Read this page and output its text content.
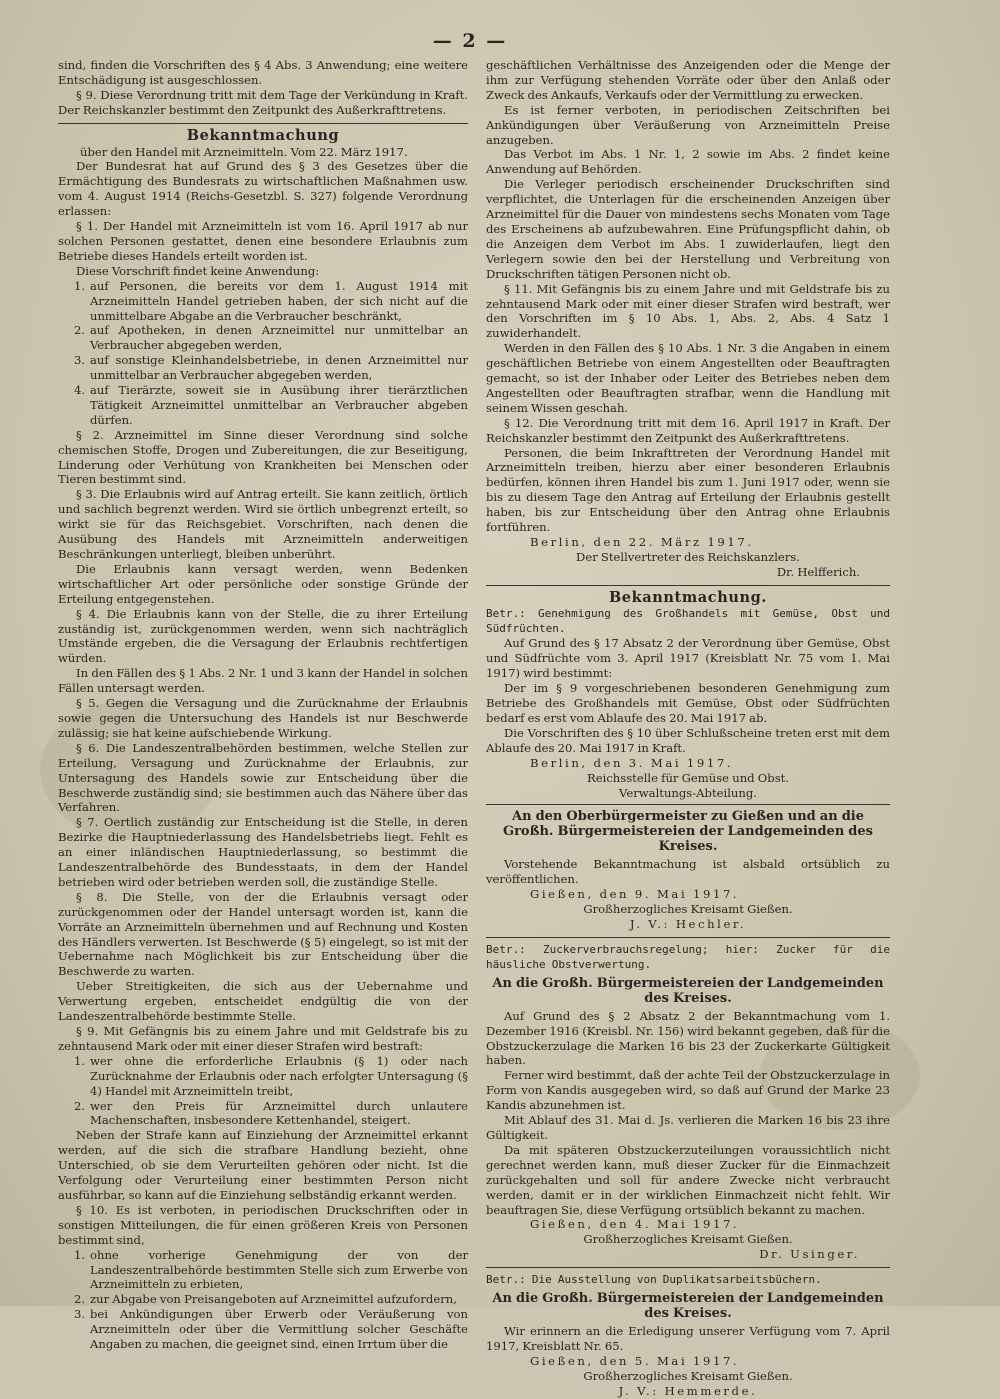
— 2 —

sind, finden die Vorschriften des § 4 Abs. 3 Anwendung; eine weitere Entschädigung ist ausgeschlossen.

§ 9. Diese Verordnung tritt mit dem Tage der Verkündung in Kraft. Der Reichskanzler bestimmt den Zeitpunkt des Außerkrafttretens.

Bekanntmachung

über den Handel mit Arzneimitteln. Vom 22. März 1917.

Der Bundesrat hat auf Grund des § 3 des Gesetzes über die Ermächtigung des Bundesrats zu wirtschaftlichen Maßnahmen usw. vom 4. August 1914 (Reichs-Gesetzbl. S. 327) folgende Verordnung erlassen:

§ 1. Der Handel mit Arzneimitteln ist vom 16. April 1917 ab nur solchen Personen gestattet, denen eine besondere Erlaubnis zum Betriebe dieses Handels erteilt worden ist.

Diese Vorschrift findet keine Anwendung:

1. auf Personen, die bereits vor dem 1. August 1914 mit Arzneimitteln Handel getrieben haben, der sich nicht auf die unmittelbare Abgabe an die Verbraucher beschränkt,
2. auf Apotheken, in denen Arzneimittel nur unmittelbar an Verbraucher abgegeben werden,
3. auf sonstige Kleinhandelsbetriebe, in denen Arzneimittel nur unmittelbar an Verbraucher abgegeben werden,
4. auf Tierärzte, soweit sie in Ausübung ihrer tierärztlichen Tätigkeit Arzneimittel unmittelbar an Verbraucher abgeben dürfen.

§ 2. Arzneimittel im Sinne dieser Verordnung sind solche chemischen Stoffe, Drogen und Zubereitungen, die zur Beseitigung, Linderung oder Verhütung von Krankheiten bei Menschen oder Tieren bestimmt sind.

§ 3. Die Erlaubnis wird auf Antrag erteilt. Sie kann zeitlich, örtlich und sachlich begrenzt werden. Wird sie örtlich unbegrenzt erteilt, so wirkt sie für das Reichsgebiet. Vorschriften, nach denen die Ausübung des Handels mit Arzneimitteln anderweitigen Beschränkungen unterliegt, bleiben unberührt.

Die Erlaubnis kann versagt werden, wenn Bedenken wirtschaftlicher Art oder persönliche oder sonstige Gründe der Erteilung entgegenstehen.

§ 4. Die Erlaubnis kann von der Stelle, die zu ihrer Erteilung zuständig ist, zurückgenommen werden, wenn sich nachträglich Umstände ergeben, die die Versagung der Erlaubnis rechtfertigen würden.

In den Fällen des § 1 Abs. 2 Nr. 1 und 3 kann der Handel in solchen Fällen untersagt werden.

§ 5. Gegen die Versagung und die Zurücknahme der Erlaubnis sowie gegen die Untersuchung des Handels ist nur Beschwerde zulässig; sie hat keine aufschiebende Wirkung.

§ 6. Die Landeszentralbehörden bestimmen, welche Stellen zur Erteilung, Versagung und Zurücknahme der Erlaubnis, zur Untersagung des Handels sowie zur Entscheidung über die Beschwerde zuständig sind; sie bestimmen auch das Nähere über das Verfahren.

§ 7. Oertlich zuständig zur Entscheidung ist die Stelle, in deren Bezirke die Hauptniederlassung des Handelsbetriebs liegt. Fehlt es an einer inländischen Hauptniederlassung, so bestimmt die Landeszentralbehörde des Bundesstaats, in dem der Handel betrieben wird oder betrieben werden soll, die zuständige Stelle.

§ 8. Die Stelle, von der die Erlaubnis versagt oder zurückgenommen oder der Handel untersagt worden ist, kann die Vorräte an Arzneimitteln übernehmen und auf Rechnung und Kosten des Händlers verwerten. Ist Beschwerde (§ 5) eingelegt, so ist mit der Uebernahme nach Möglichkeit bis zur Entscheidung über die Beschwerde zu warten.

Ueber Streitigkeiten, die sich aus der Uebernahme und Verwertung ergeben, entscheidet endgültig die von der Landeszentralbehörde bestimmte Stelle.

§ 9. Mit Gefängnis bis zu einem Jahre und mit Geldstrafe bis zu zehntausend Mark oder mit einer dieser Strafen wird bestraft:

1. wer ohne die erforderliche Erlaubnis (§ 1) oder nach Zurücknahme der Erlaubnis oder nach erfolgter Untersagung (§ 4) Handel mit Arzneimitteln treibt,
2. wer den Preis für Arzneimittel durch unlautere Machenschaften, insbesondere Kettenhandel, steigert.

Neben der Strafe kann auf Einziehung der Arzneimittel erkannt werden, auf die sich die strafbare Handlung bezieht, ohne Unterschied, ob sie dem Verurteilten gehören oder nicht. Ist die Verfolgung oder Verurteilung einer bestimmten Person nicht ausführbar, so kann auf die Einziehung selbständig erkannt werden.

§ 10. Es ist verboten, in periodischen Druckschriften oder in sonstigen Mitteilungen, die für einen größeren Kreis von Personen bestimmt sind,

1. ohne vorherige Genehmigung der von der Landeszentralbehörde bestimmten Stelle sich zum Erwerbe von Arzneimitteln zu erbieten,
2. zur Abgabe von Preisangeboten auf Arzneimittel aufzufordern,
3. bei Ankündigungen über Erwerb oder Veräußerung von Arzneimitteln oder über die Vermittlung solcher Geschäfte Angaben zu machen, die geeignet sind, einen Irrtum über die

geschäftlichen Verhältnisse des Anzeigenden oder die Menge der ihm zur Verfügung stehenden Vorräte oder über den Anlaß oder Zweck des Ankaufs, Verkaufs oder der Vermittlung zu erwecken.

Es ist ferner verboten, in periodischen Zeitschriften bei Ankündigungen über Veräußerung von Arzneimitteln Preise anzugeben.

Das Verbot im Abs. 1 Nr. 1, 2 sowie im Abs. 2 findet keine Anwendung auf Behörden.

Die Verleger periodisch erscheinender Druckschriften sind verpflichtet, die Unterlagen für die erscheinenden Anzeigen über Arzneimittel für die Dauer von mindestens sechs Monaten vom Tage des Erscheinens ab aufzubewahren. Eine Prüfungspflicht dahin, ob die Anzeigen dem Verbot im Abs. 1 zuwiderlaufen, liegt den Verlegern sowie den bei der Herstellung und Verbreitung von Druckschriften tätigen Personen nicht ob.

§ 11. Mit Gefängnis bis zu einem Jahre und mit Geldstrafe bis zu zehntausend Mark oder mit einer dieser Strafen wird bestraft, wer den Vorschriften im § 10 Abs. 1, Abs. 2, Abs. 4 Satz 1 zuwiderhandelt.

Werden in den Fällen des § 10 Abs. 1 Nr. 3 die Angaben in einem geschäftlichen Betriebe von einem Angestellten oder Beauftragten gemacht, so ist der Inhaber oder Leiter des Betriebes neben dem Angestellten oder Beauftragten strafbar, wenn die Handlung mit seinem Wissen geschah.

§ 12. Die Verordnung tritt mit dem 16. April 1917 in Kraft. Der Reichskanzler bestimmt den Zeitpunkt des Außerkrafttretens.

Personen, die beim Inkrafttreten der Verordnung Handel mit Arzneimitteln treiben, hierzu aber einer besonderen Erlaubnis bedürfen, können ihren Handel bis zum 1. Juni 1917 oder, wenn sie bis zu diesem Tage den Antrag auf Erteilung der Erlaubnis gestellt haben, bis zur Entscheidung über den Antrag ohne Erlaubnis fortführen.

Berlin, den 22. März 1917.

Der Stellvertreter des Reichskanzlers.

Dr. Helfferich.

Bekanntmachung.

Betr.: Genehmigung des Großhandels mit Gemüse, Obst und Südfrüchten.

Auf Grund des § 17 Absatz 2 der Verordnung über Gemüse, Obst und Südfrüchte vom 3. April 1917 (Kreisblatt Nr. 75 vom 1. Mai 1917) wird bestimmt:

Der im § 9 vorgeschriebenen besonderen Genehmigung zum Betriebe des Großhandels mit Gemüse, Obst oder Südfrüchten bedarf es erst vom Ablaufe des 20. Mai 1917 ab.

Die Vorschriften des § 10 über Schlußscheine treten erst mit dem Ablaufe des 20. Mai 1917 in Kraft.

Berlin, den 3. Mai 1917.

Reichsstelle für Gemüse und Obst.

Verwaltungs-Abteilung.

An den Oberbürgermeister zu Gießen und an die Großh. Bürgermeistereien der Landgemeinden des Kreises.

Vorstehende Bekanntmachung ist alsbald ortsüblich zu veröffentlichen.

Gießen, den 9. Mai 1917.

Großherzogliches Kreisamt Gießen.

J. V.: Hechler.

Betr.: Zuckerverbrauchsregelung; hier: Zucker für die häusliche Obstverwertung.

An die Großh. Bürgermeistereien der Landgemeinden des Kreises.

Auf Grund des § 2 Absatz 2 der Bekanntmachung vom 1. Dezember 1916 (Kreisbl. Nr. 156) wird bekannt gegeben, daß für die Obstzuckerzulage die Marken 16 bis 23 der Zuckerkarte Gültigkeit haben.

Ferner wird bestimmt, daß der achte Teil der Obstzuckerzulage in Form von Kandis ausgegeben wird, so daß auf Grund der Marke 23 Kandis abzunehmen ist.

Mit Ablauf des 31. Mai d. Js. verlieren die Marken 16 bis 23 ihre Gültigkeit.

Da mit späteren Obstzuckerzuteilungen voraussichtlich nicht gerechnet werden kann, muß dieser Zucker für die Einmachzeit zurückgehalten und soll für andere Zwecke nicht verbraucht werden, damit er in der wirklichen Einmachzeit nicht fehlt. Wir beauftragen Sie, diese Verfügung ortsüblich bekannt zu machen.

Gießen, den 4. Mai 1917.

Großherzogliches Kreisamt Gießen.

Dr. Usinger.

Betr.: Die Ausstellung von Duplikatsarbeitsbüchern.

An die Großh. Bürgermeistereien der Landgemeinden des Kreises.

Wir erinnern an die Erledigung unserer Verfügung vom 7. April 1917, Kreisblatt Nr. 65.

Gießen, den 5. Mai 1917.

Großherzogliches Kreisamt Gießen.

J. V.: Hemmerde.
